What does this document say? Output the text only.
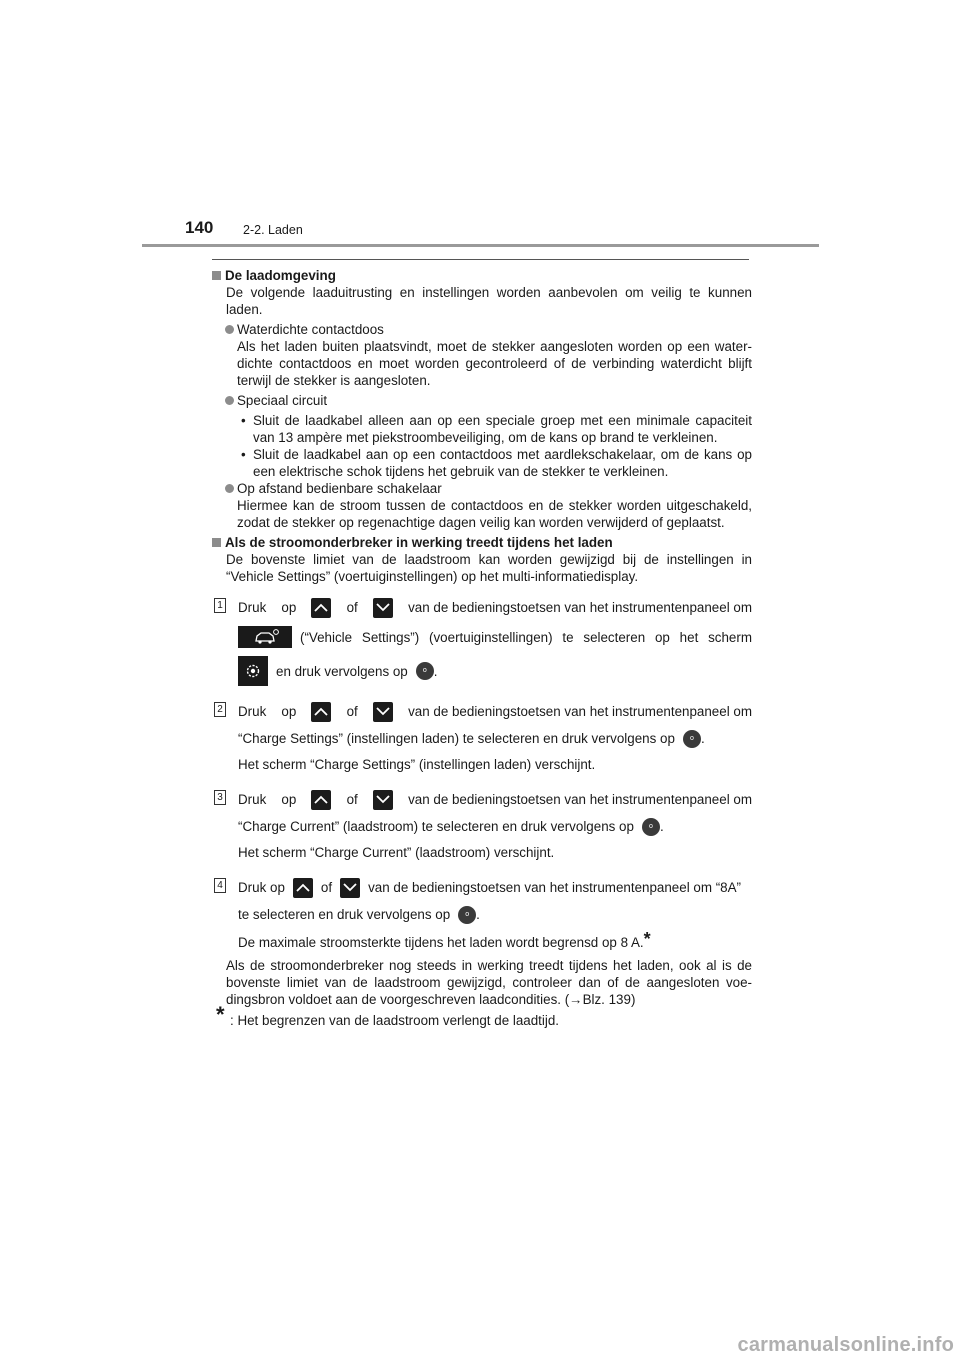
140 2-2. Laden
De laadomgeving
De volgende laaduitrusting en instellingen worden aanbevolen om veilig te kunnen laden.
Waterdichte contactdoos
Als het laden buiten plaatsvindt, moet de stekker aangesloten worden op een water-dichte contactdoos en moet worden gecontroleerd of de verbinding waterdicht blijft terwijl de stekker is aangesloten.
Speciaal circuit
• Sluit de laadkabel alleen aan op een speciale groep met een minimale capaciteit van 13 ampère met piekstroombeveiliging, om de kans op brand te verkleinen.
• Sluit de laadkabel aan op een contactdoos met aardlekschakelaar, om de kans op een elektrische schok tijdens het gebruik van de stekker te verkleinen.
Op afstand bedienbare schakelaar
Hiermee kan de stroom tussen de contactdoos en de stekker worden uitgeschakeld, zodat de stekker op regenachtige dagen veilig kan worden verwijderd of geplaatst.
Als de stroomonderbreker in werking treedt tijdens het laden
De bovenste limiet van de laadstroom kan worden gewijzigd bij de instellingen in “Vehicle Settings” (voertuiginstellingen) op het multi-informatiedisplay.
1 Druk op	of	van de bedieningstoetsen van het instrumentenpaneel om
(“Vehicle Settings”) (voertuiginstellingen) te selecteren op het scherm
en druk vervolgens op	o .
2 Druk op	of	van de bedieningstoetsen van het instrumentenpaneel om
“Charge Settings” (instellingen laden) te selecteren en druk vervolgens op	o .
Het scherm “Charge Settings” (instellingen laden) verschijnt.
3 Druk op	of	van de bedieningstoetsen van het instrumentenpaneel om
“Charge Current” (laadstroom) te selecteren en druk vervolgens op	o .
Het scherm “Charge Current” (laadstroom) verschijnt.
4 Druk op	of	van de bedieningstoetsen van het instrumentenpaneel om “8A”
te selecteren en druk vervolgens op	o .
De maximale stroomsterkte tijdens het laden wordt begrensd op 8 A.*
Als de stroomonderbreker nog steeds in werking treedt tijdens het laden, ook al is de bovenste limiet van de laadstroom gewijzigd, controleer dan of de aangesloten voe-dingsbron voldoet aan de voorgeschreven laadcondities. (→Blz. 139)
* : Het begrenzen van de laadstroom verlengt de laadtijd.
carmanualsonline.info
